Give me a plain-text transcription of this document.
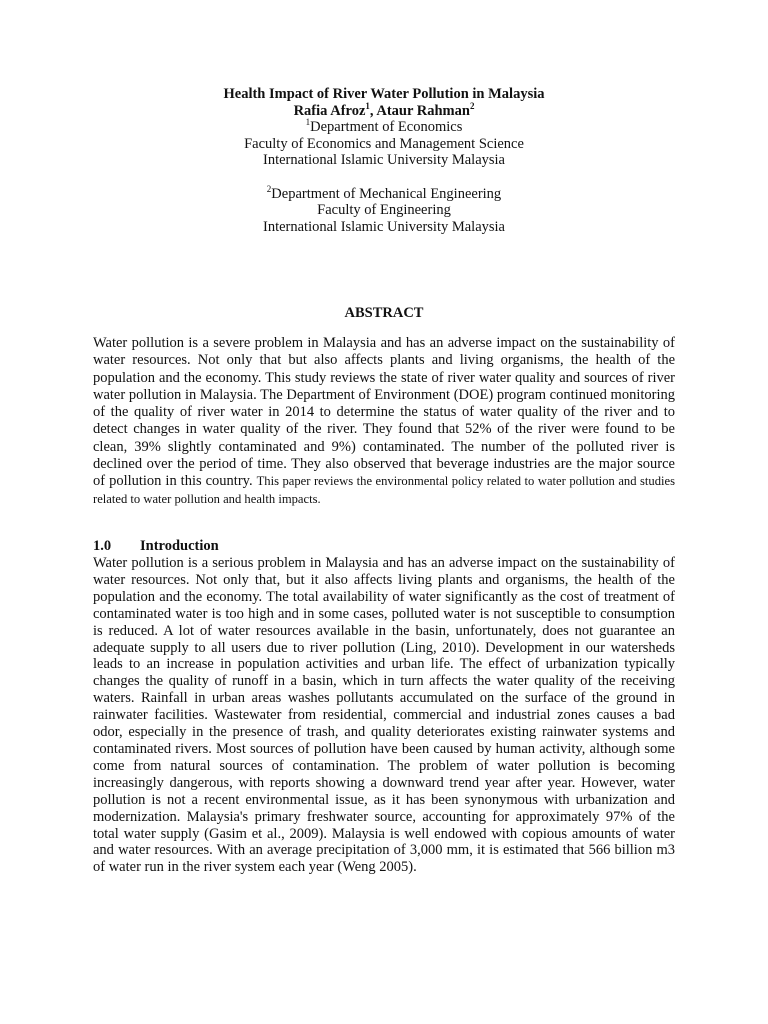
Health Impact of River Water Pollution in Malaysia
Rafia Afroz$^1$, Ataur Rahman$^2$
$^1$Department of Economics
Faculty of Economics and Management Science
International Islamic University Malaysia
$^2$Department of Mechanical Engineering
Faculty of Engineering
International Islamic University Malaysia
ABSTRACT

Water pollution is a severe problem in Malaysia and has an adverse impact on the sustainability of water resources. Not only that but also affects plants and living organisms, the health of the population and the economy. This study reviews the state of river water quality and sources of river water pollution in Malaysia. The Department of Environment (DOE) program continued monitoring of the quality of river water in 2014 to determine the status of water quality of the river and to detect changes in water quality of the river. They found that 52% of the river were found to be clean, 39% slightly contaminated and 9%) contaminated. The number of the polluted river is declined over the period of time. They also observed that beverage industries are the major source of pollution in this country. This paper reviews the environmental policy related to water pollution and studies related to water pollution and health impacts.

1.0 Introduction

Water pollution is a serious problem in Malaysia and has an adverse impact on the sustainability of water resources. Not only that, but it also affects living plants and organisms, the health of the population and the economy. The total availability of water significantly as the cost of treatment of contaminated water is too high and in some cases, polluted water is not susceptible to consumption is reduced. A lot of water resources available in the basin, unfortunately, does not guarantee an adequate supply to all users due to river pollution (Ling, 2010). Development in our watersheds leads to an increase in population activities and urban life. The effect of urbanization typically changes the quality of runoff in a basin, which in turn affects the water quality of the receiving waters. Rainfall in urban areas washes pollutants accumulated on the surface of the ground in rainwater facilities. Wastewater from residential, commercial and industrial zones causes a bad odor, especially in the presence of trash, and quality deteriorates existing rainwater systems and contaminated rivers. Most sources of pollution have been caused by human activity, although some come from natural sources of contamination. The problem of water pollution is becoming increasingly dangerous, with reports showing a downward trend year after year. However, water pollution is not a recent environmental issue, as it has been synonymous with urbanization and modernization. Malaysia's primary freshwater source, accounting for approximately 97% of the total water supply (Gasim et al., 2009). Malaysia is well endowed with copious amounts of water and water resources. With an average precipitation of 3,000 mm, it is estimated that 566 billion m3 of water run in the river system each year (Weng 2005).
